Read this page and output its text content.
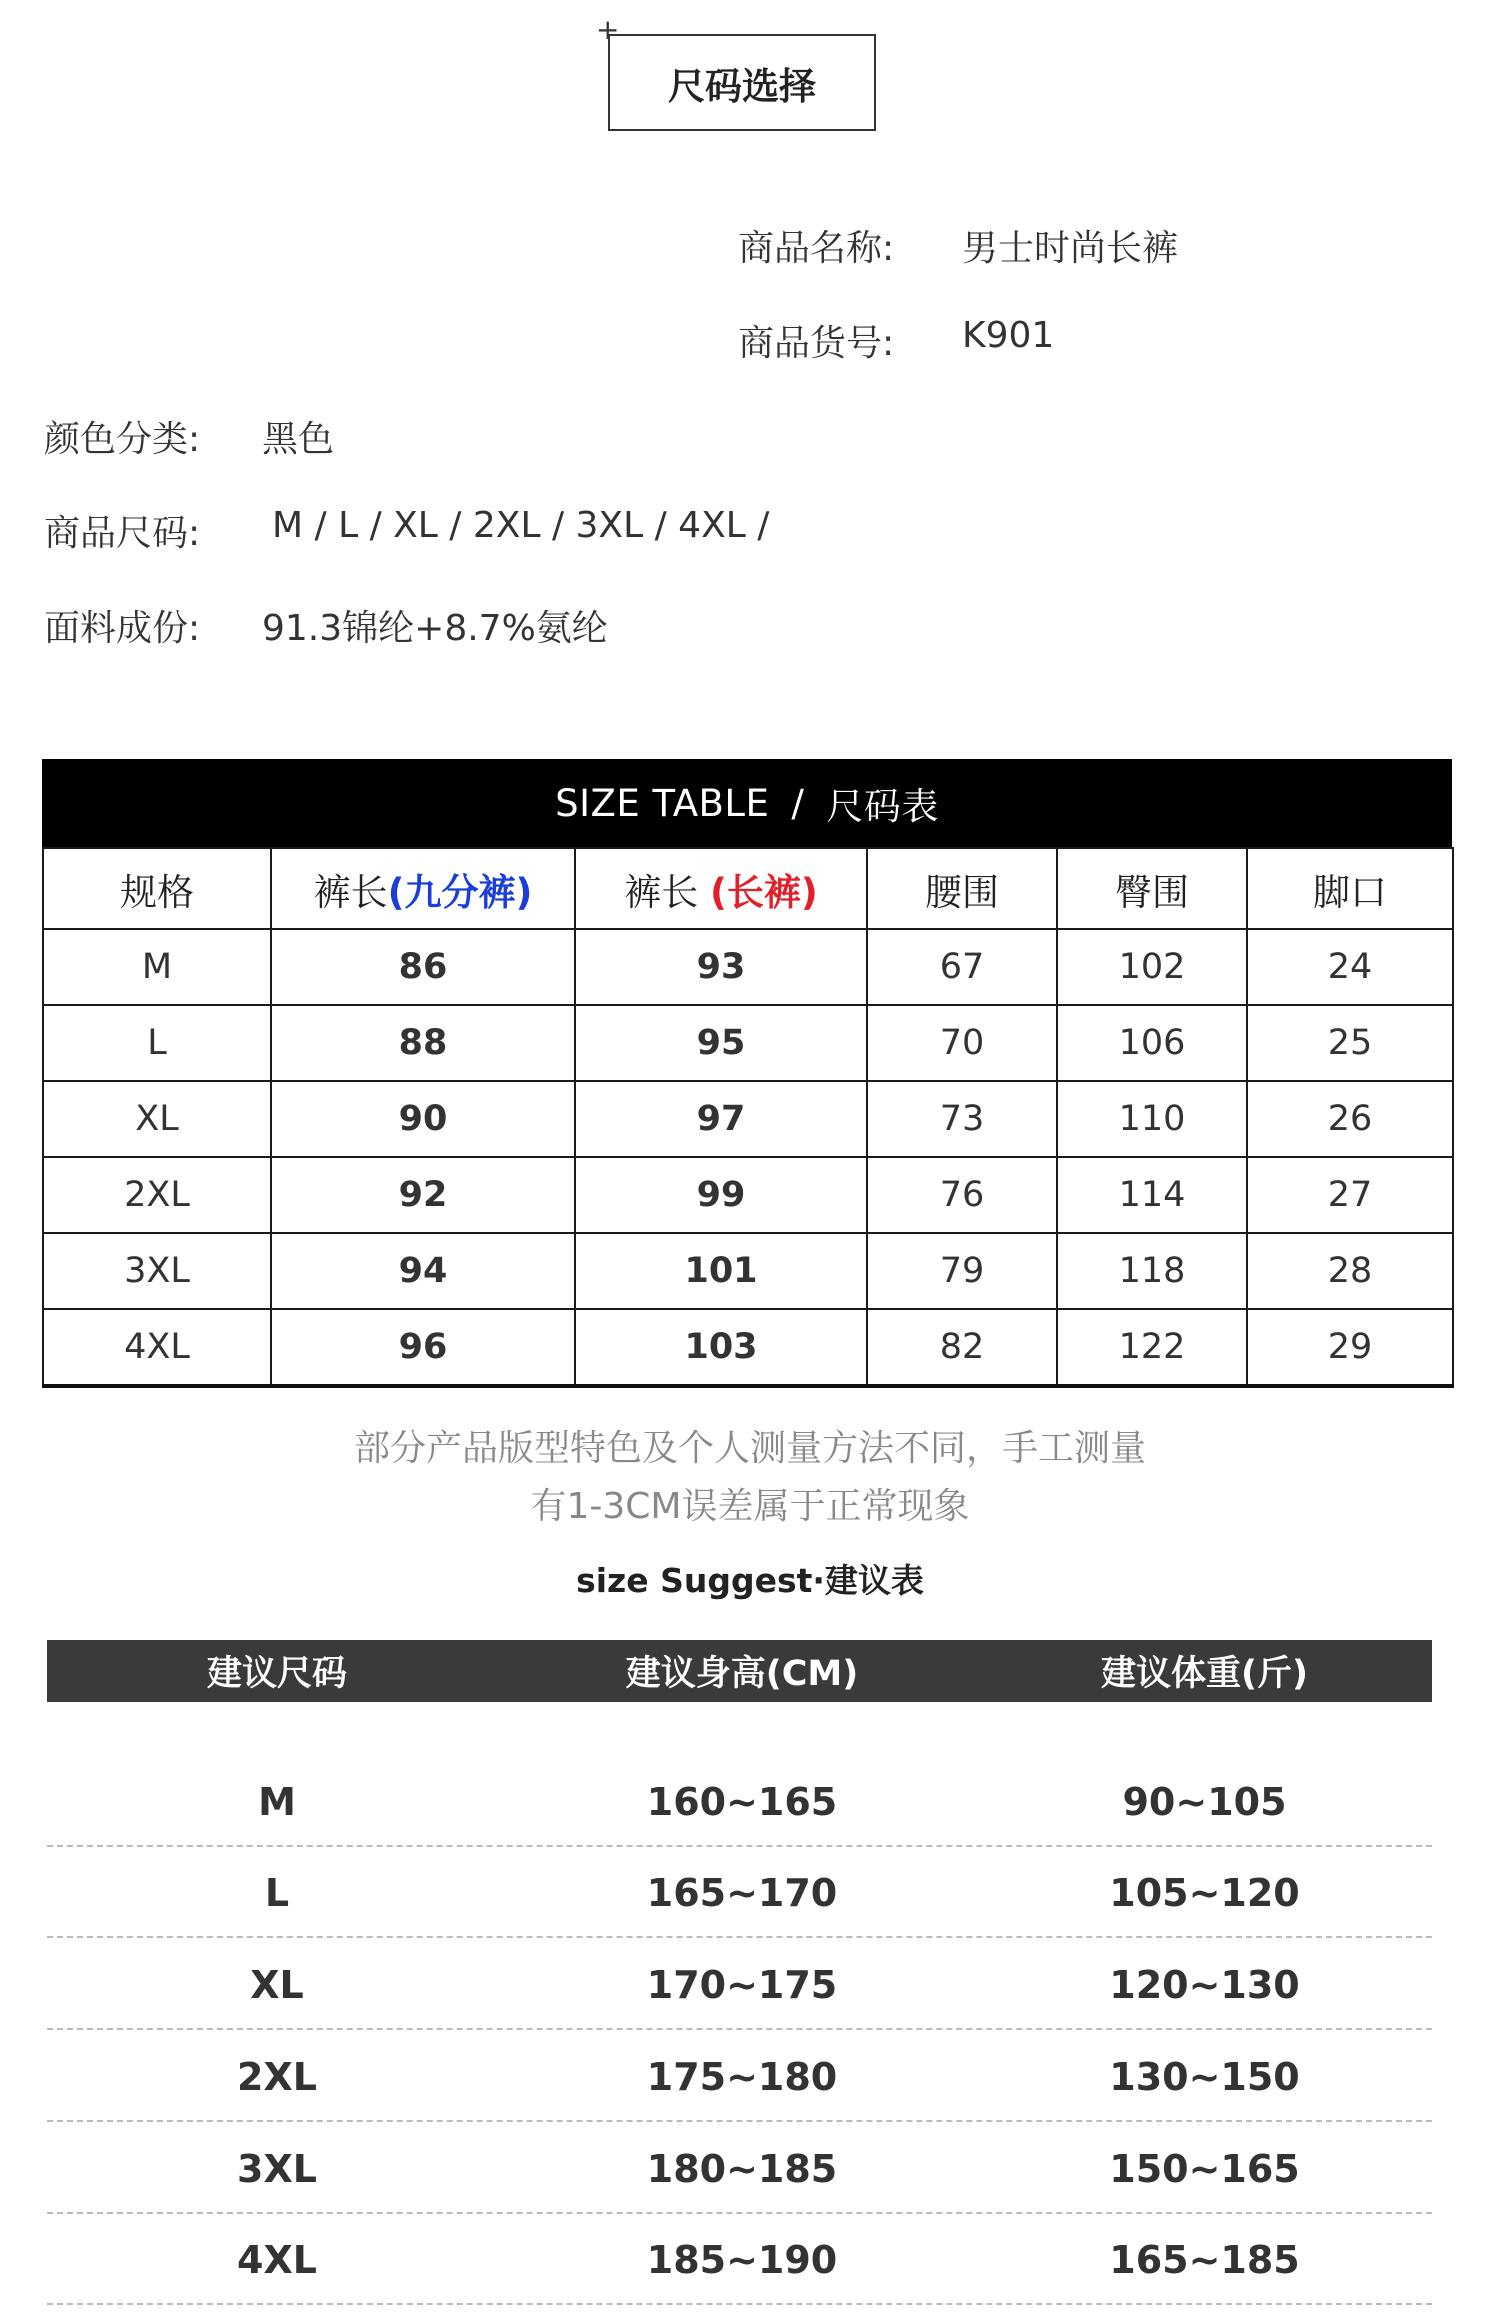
+
尺码选择
商品名称: 男士时尚长裤
商品货号: K901
颜色分类: 黑色
商品尺码: M / L / XL / 2XL / 3XL / 4XL /
面料成份: 91.3锦纶+8.7%氨纶
SIZE TABLE / 尺码表
规格	裤长(九分裤)	裤长 (长裤)	腰围	臀围	脚口
M	86	93	67	102	24
L	88	95	70	106	25
XL	90	97	73	110	26
2XL	92	99	76	114	27
3XL	94	101	79	118	28
4XL	96	103	82	122	29
部分产品版型特色及个人测量方法不同，手工测量
有1-3CM误差属于正常现象
size Suggest·建议表
建议尺码	建议身高(CM)	建议体重(斤)
M	160~165	90~105
L	165~170	105~120
XL	170~175	120~130
2XL	175~180	130~150
3XL	180~185	150~165
4XL	185~190	165~185
